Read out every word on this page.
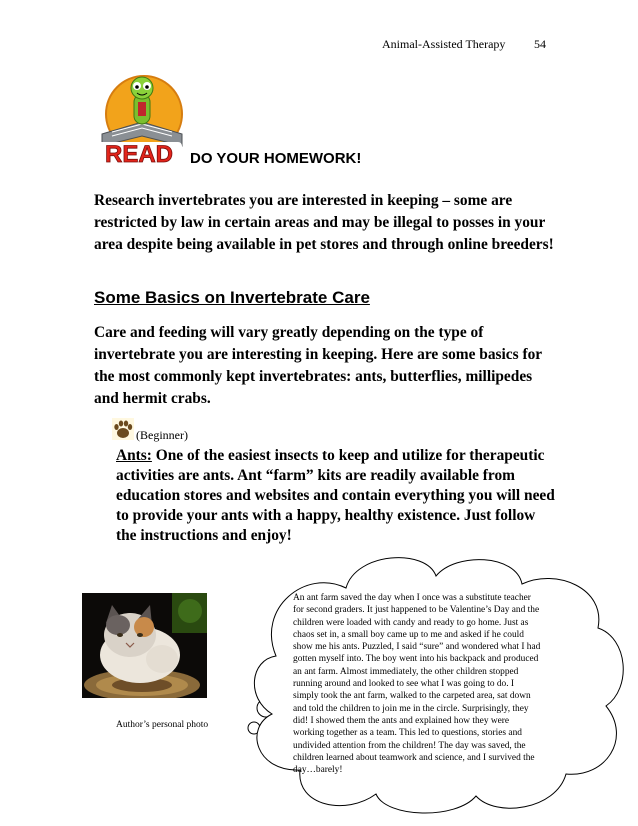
Animal-Assisted Therapy 54
READ DO YOUR HOMEWORK!
Research invertebrates you are interested in keeping – some are restricted by law in certain areas and may be illegal to posses in your area despite being available in pet stores and through online breeders!
Some Basics on Invertebrate Care
Care and feeding will vary greatly depending on the type of invertebrate you are interesting in keeping. Here are some basics for the most commonly kept invertebrates: ants, butterflies, millipedes and hermit crabs.
(Beginner)
Ants: One of the easiest insects to keep and utilize for therapeutic activities are ants. Ant “farm” kits are readily available from education stores and websites and contain everything you will need to provide your ants with a happy, healthy existence. Just follow the instructions and enjoy!
Author’s personal photo
An ant farm saved the day when I once was a substitute teacher for second graders. It just happened to be Valentine’s Day and the children were loaded with candy and ready to go home. Just as chaos set in, a small boy came up to me and asked if he could show me his ants. Puzzled, I said “sure” and wondered what I had gotten myself into. The boy went into his backpack and produced an ant farm. Almost immediately, the other children stopped running around and looked to see what I was going to do. I simply took the ant farm, walked to the carpeted area, sat down and told the children to join me in the circle. Surprisingly, they did! I showed them the ants and explained how they were working together as a team. This led to questions, stories and undivided attention from the children! The day was saved, the children learned about teamwork and science, and I survived the day…barely!
